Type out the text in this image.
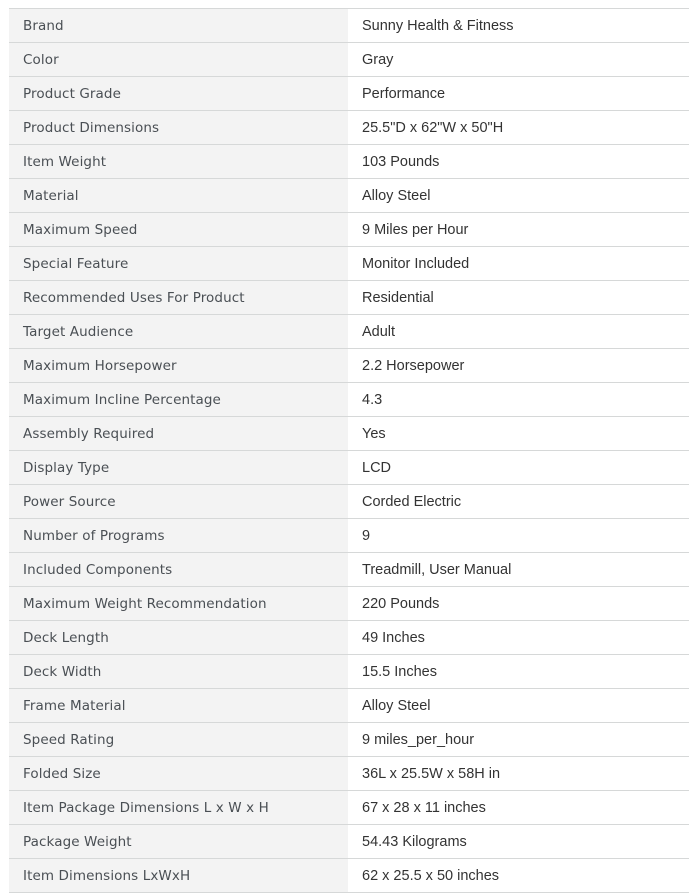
Brand	Sunny Health & Fitness
Color	Gray
Product Grade	Performance
Product Dimensions	25.5"D x 62"W x 50"H
Item Weight	103 Pounds
Material	Alloy Steel
Maximum Speed	9 Miles per Hour
Special Feature	Monitor Included
Recommended Uses For Product	Residential
Target Audience	Adult
Maximum Horsepower	2.2 Horsepower
Maximum Incline Percentage	4.3
Assembly Required	Yes
Display Type	LCD
Power Source	Corded Electric
Number of Programs	9
Included Components	Treadmill, User Manual
Maximum Weight Recommendation	220 Pounds
Deck Length	49 Inches
Deck Width	15.5 Inches
Frame Material	Alloy Steel
Speed Rating	9 miles_per_hour
Folded Size	36L x 25.5W x 58H in
Item Package Dimensions L x W x H	67 x 28 x 11 inches
Package Weight	54.43 Kilograms
Item Dimensions LxWxH	62 x 25.5 x 50 inches
